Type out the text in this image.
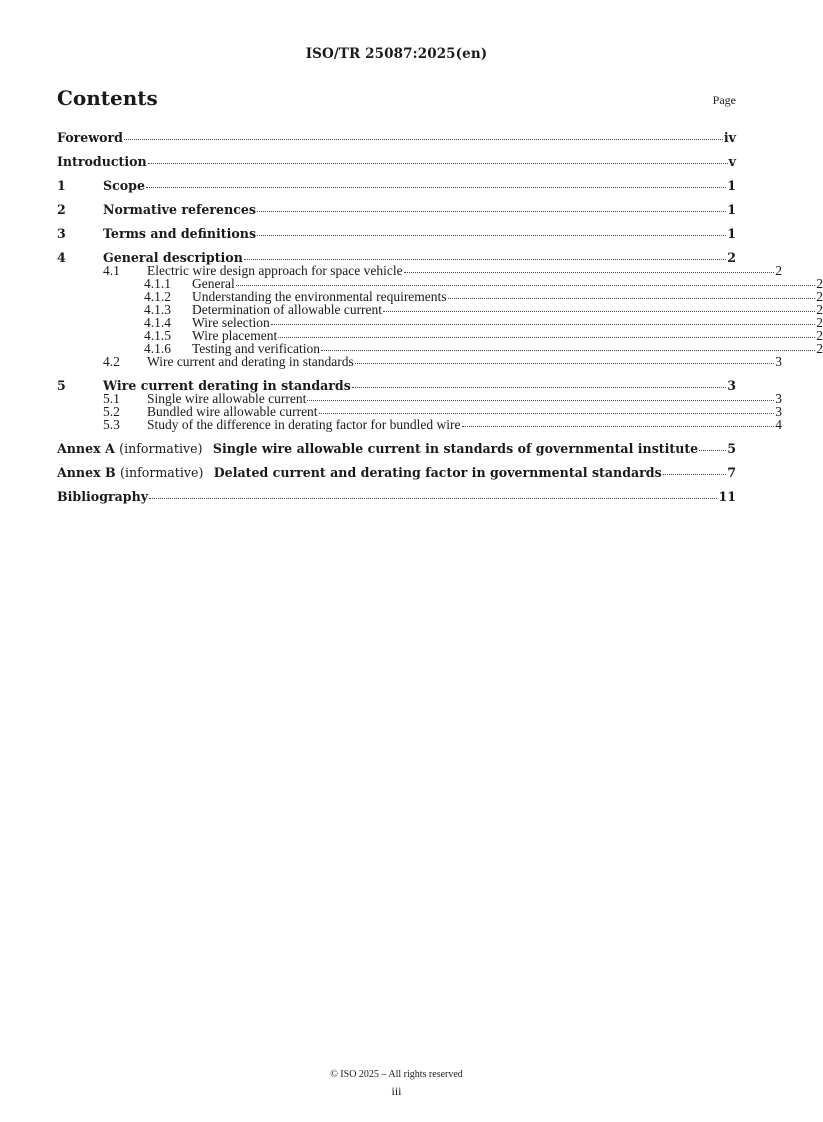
ISO/TR 25087:2025(en)
Contents	Page
Foreword	iv
Introduction	v
1	Scope	1
2	Normative references	1
3	Terms and definitions	1
4	General description	2
4.1	Electric wire design approach for space vehicle	2
4.1.1	General	2
4.1.2	Understanding the environmental requirements	2
4.1.3	Determination of allowable current	2
4.1.4	Wire selection	2
4.1.5	Wire placement	2
4.1.6	Testing and verification	2
4.2	Wire current and derating in standards	3
5	Wire current derating in standards	3
5.1	Single wire allowable current	3
5.2	Bundled wire allowable current	3
5.3	Study of the difference in derating factor for bundled wire	4
Annex A (informative) Single wire allowable current in standards of governmental institute 5
Annex B (informative) Delated current and derating factor in governmental standards	7
Bibliography	11
© ISO 2025 – All rights reserved
iii
